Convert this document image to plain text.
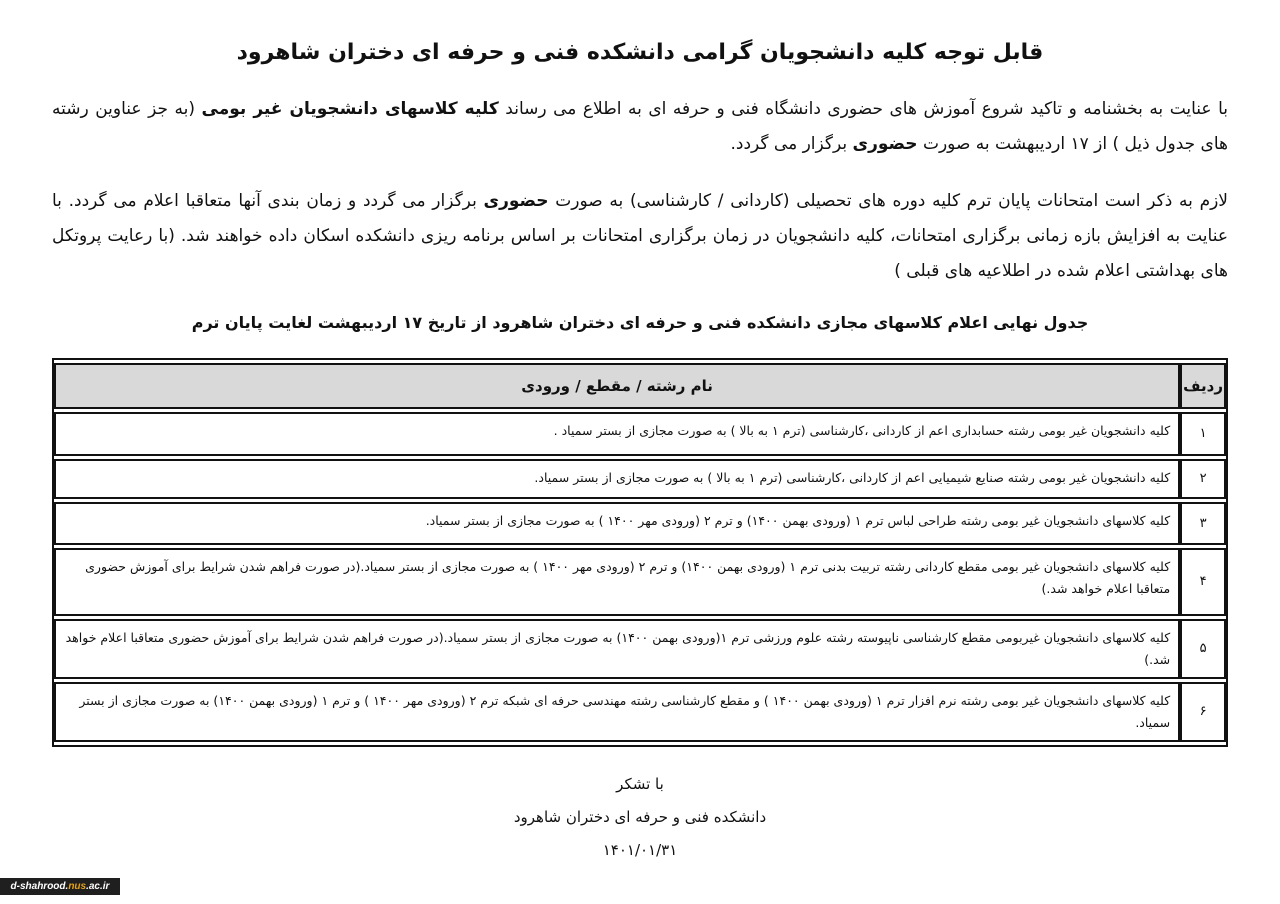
قابل توجه کلیه دانشجویان گرامی دانشکده فنی و حرفه ای دختران شاهرود
با عنایت به بخشنامه و تاکید شروع آموزش های حضوری دانشگاه فنی و حرفه ای به اطلاع می رساند کلیه کلاسهای دانشجویان غیر بومی (به جز عناوین رشته های جدول ذیل ) از ۱۷ اردیبهشت به صورت حضوری برگزار می گردد.
لازم به ذکر است امتحانات پایان ترم کلیه دوره های تحصیلی (کاردانی / کارشناسی) به صورت حضوری برگزار می گردد و زمان بندی آنها متعاقبا اعلام می گردد. با عنایت به افزایش بازه زمانی برگزاری امتحانات، کلیه دانشجویان در زمان برگزاری امتحانات بر اساس برنامه ریزی دانشکده اسکان داده خواهند شد. (با رعایت پروتکل های بهداشتی اعلام شده در اطلاعیه های قبلی )
جدول نهایی اعلام کلاسهای مجازی دانشکده فنی و حرفه ای دختران شاهرود از تاریخ ۱۷ اردیبهشت لغایت پایان ترم
ردیف	نام رشته / مقطع / ورودی
۱	کلیه دانشجویان غیر بومی رشته حسابداری اعم از کاردانی ،کارشناسی (ترم ۱ به بالا ) به صورت مجازی از بستر سمیاد .
۲	کلیه دانشجویان غیر بومی رشته صنایع شیمیایی اعم از کاردانی ،کارشناسی (ترم ۱ به بالا ) به صورت مجازی از بستر سمیاد.
۳	کلیه کلاسهای دانشجویان غیر بومی رشته طراحی لباس ترم ۱ (ورودی بهمن ۱۴۰۰) و ترم ۲ (ورودی مهر ۱۴۰۰ ) به صورت مجازی از بستر سمیاد.
۴	کلیه کلاسهای دانشجویان غیر بومی مقطع کاردانی رشته تربیت بدنی ترم ۱ (ورودی بهمن ۱۴۰۰) و ترم ۲ (ورودی مهر ۱۴۰۰ ) به صورت مجازی از بستر سمیاد.(در صورت فراهم شدن شرایط برای آموزش حضوری متعاقبا اعلام خواهد شد.)
۵	کلیه کلاسهای دانشجویان غیربومی مقطع کارشناسی ناپیوسته رشته علوم ورزشی ترم ۱(ورودی بهمن ۱۴۰۰) به صورت مجازی از بستر سمیاد.(در صورت فراهم شدن شرایط برای آموزش حضوری متعاقبا اعلام خواهد شد.)
۶	کلیه کلاسهای دانشجویان غیر بومی رشته نرم افزار ترم ۱ (ورودی بهمن ۱۴۰۰ ) و مقطع کارشناسی رشته مهندسی حرفه ای شبکه ترم ۲ (ورودی مهر ۱۴۰۰ ) و ترم ۱ (ورودی بهمن ۱۴۰۰) به صورت مجازی از بستر سمیاد.
با تشکر
دانشکده فنی و حرفه ای دختران شاهرود
۱۴۰۱/۰۱/۳۱
d-shahrood.nus.ac.ir
